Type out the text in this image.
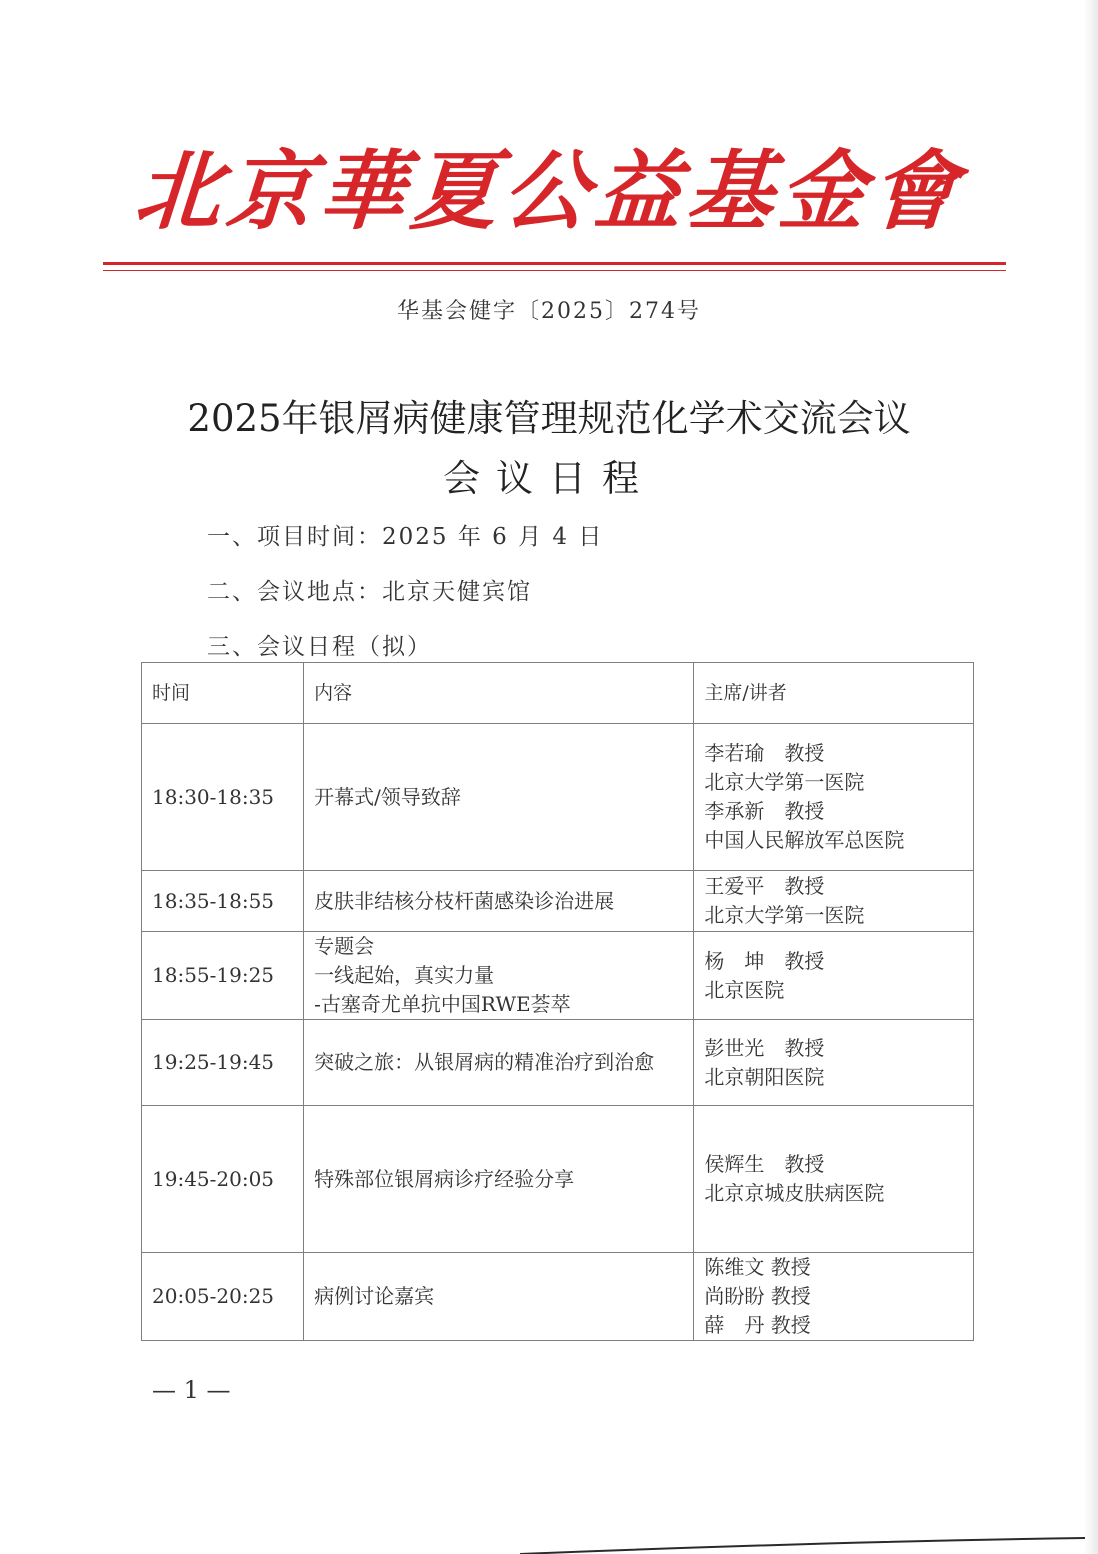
北京華夏公益基金會
华基会健字〔2025〕274号
2025年银屑病健康管理规范化学术交流会议
会议日程
一、项目时间：2025 年 6 月 4 日
二、会议地点：北京天健宾馆
三、会议日程（拟）
时间	内容	主席/讲者
18:30-18:35	开幕式/领导致辞	李若瑜　教授
北京大学第一医院
李承新　教授
中国人民解放军总医院

18:35-18:55	皮肤非结核分枝杆菌感染诊治进展	王爱平　教授
北京大学第一医院

18:55-19:25	专题会
一线起始，真实力量
-古塞奇尤单抗中国RWE荟萃	杨　坤　教授
北京医院

19:25-19:45	突破之旅：从银屑病的精准治疗到治愈	彭世光　教授
北京朝阳医院

19:45-20:05	特殊部位银屑病诊疗经验分享	侯辉生　教授
北京京城皮肤病医院

20:05-20:25	病例讨论嘉宾	陈维文 教授
尚盼盼 教授
薛　丹 教授
— 1 —
